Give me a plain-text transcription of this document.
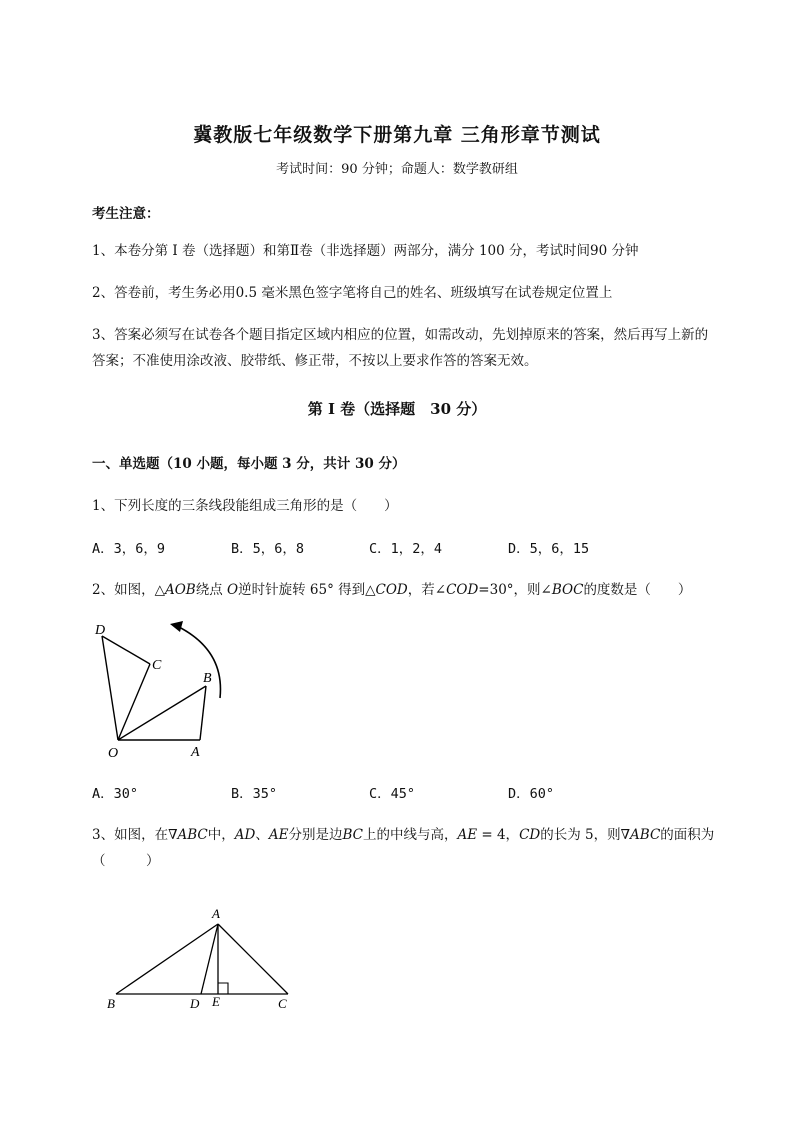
冀教版七年级数学下册第九章 三角形章节测试
考试时间：90 分钟；命题人：数学教研组
考生注意：
1、本卷分第 I 卷（选择题）和第Ⅱ卷（非选择题）两部分，满分 100 分，考试时间90 分钟
2、答卷前，考生务必用0.5 毫米黑色签字笔将自己的姓名、班级填写在试卷规定位置上
3、答案必须写在试卷各个题目指定区域内相应的位置，如需改动，先划掉原来的答案，然后再写上新的答案；不准使用涂改液、胶带纸、修正带，不按以上要求作答的答案无效。
第 I 卷（选择题　30 分）
一、单选题（10 小题，每小题 3 分，共计 30 分）
1、下列长度的三条线段能组成三角形的是（　　）
A．3，6，9	B．5，6，8	C．1，2，4	D．5，6，15
2、如图，△AOB绕点 O逆时针旋转 65° 得到△COD，若∠COD=30°，则∠BOC的度数是（　　）
D
C
B
O	A
A．30°	B．35°	C．45°	D．60°
3、如图，在∇ABC中，AD、AE分别是边BC上的中线与高，AE = 4，CD的长为 5，则∇ABC的面积为
（　　　）
A
B	D E	C
